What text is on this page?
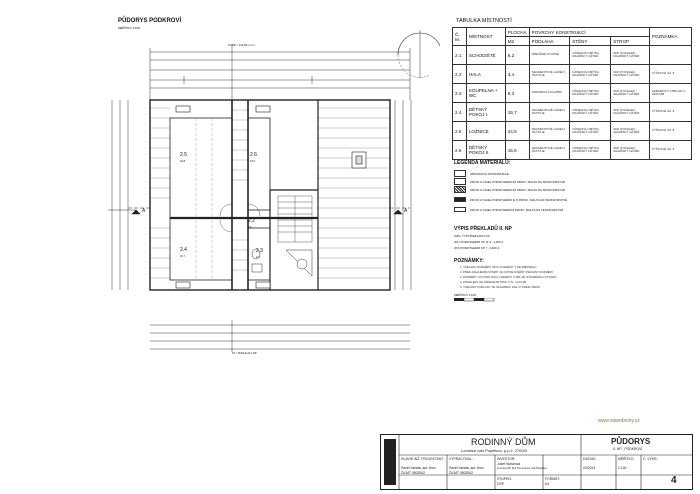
PŮDORYS PODKROVÍ
MĚŘÍTKO 1:100
2.5
24.8
2.6
15.6
2.4
15.7
2.2
3.4
2.3
9.3
A	A
±0.000 = 312,65 m.n.m.
±0 = PODLAHA 2.NP
TABULKA MÍSTNOSTÍ
Č. M.	MÍSTNOST	PLOCHA	POVRCHY KONSTRUKCÍ			POZNÁMKA
		M2	PODLAHA	STĚNY	STROP	
2.1	SCHODIŠTĚ	6,2	DŘEVĚNÉ STUPNĚ	VÁPENNÁ OMÍTKA, MALÍŘSKÝ NÁTĚR	SDK PODHLED, MALÍŘSKÝ NÁTĚR	
2.2	HALA	3,4	SEGMENTOVÉ LAMELY, TEXTILIE	VÁPENNÁ OMÍTKA, MALÍŘSKÝ NÁTĚR	SDK PODHLED, MALÍŘSKÝ NÁTĚR	VÝŠKOVÉ ÚZ. 8
2.3	KOUPELNA + WC	9,3	KERAMICKÁ DLAŽBA	VÁPENNÁ OMÍTKA, MALÍŘSKÝ NÁTĚR	SDK PODHLED, MALÍŘSKÝ NÁTĚR	KERAMICKÝ OBKLAD V. 2000 MM
2.4	DĚTSKÝ POKOJ I.	15,7	SEGMENTOVÉ LAMELY, TEXTILIE	VÁPENNÁ OMÍTKA, MALÍŘSKÝ NÁTĚR	SDK PODHLED, MALÍŘSKÝ NÁTĚR	VÝŠKOVÉ ÚZ. 8
2.5	LOŽNICE	24,8	SEGMENTOVÉ LAMELY, TEXTILIE	VÁPENNÁ OMÍTKA, MALÍŘSKÝ NÁTĚR	SDK PODHLED, MALÍŘSKÝ NÁTĚR	VÝŠKOVÉ ÚZ. 8
2.6	DĚTSKÝ POKOJ II.	15,6	SEGMENTOVÉ LAMELY, TEXTILIE	VÁPENNÁ OMÍTKA, MALÍŘSKÝ NÁTĚR	SDK PODHLED, MALÍŘSKÝ NÁTĚR	VÝŠKOVÉ ÚZ. 8
LEGENDA MATERIÁLŮ:
OBVODOVÁ KONSTRUKCE
ZDIVO Z CIHEL POROTHERM 30 PROFI, MALTA NA TENKOVRSTVÉ
ZDIVO Z CIHEL POROTHERM 30 PROFI, MALTA NA TENKOVRSTVÉ
ZDIVO Z CIHEL POROTHERM 11,5 PROFI, MALTA NA TENKOVRSTVÉ
ZDIVO Z CIHEL POROTHERM 8 PROFI, MALTA NA TENKOVRSTVÉ
VÝPIS PŘEKLADŮ II. NP
OZN. TYP PŘEKLADU KS
(P1) POROTHERM KP 11,5 - 1250 2
(P2) POROTHERM KP 7 - 1000 4
POZNÁMKY:
1. VŠECHNY ROZMĚRY JSOU UVEDENY V MILIMETRECH
2. PŘED ZAHÁJENÍM STAVBY JE NUTNÉ OVĚŘIT VŠECHNY ROZMĚRY
3. ROZMĚRY OTVORŮ JSOU UVEDENY V MM, ZE STAVEBNÍCH OTVORŮ
4. PODHLEDY ZE SÁDROKARTONU V TL. 12,5 MM
5. VŠECHNY PODLAHY SE SKLADBOU DLE VÝKRESU ŘEZŮ
MĚŘÍTKO 1:100
www.stavebniny.cz
RODINNÝ DŮM
Lomnice nad Popelkou, p.p.č. 2763/3
PŮDORYS
II. NP - PODKROVÍ
HLAVNÍ INŽ. PROJEKTANT:
Pavel Janata, aut. tech.
ČKAIT 0502542
VYPRACOVAL:
Pavel Janata, aut. tech.
ČKAIT 0502542
INVESTOR:
Josef Nohavica
Lomnice 88, 512 51 Lomnice nad Popelkou
STUPEŇ:
DSP
FORMÁT:
A4
DATUM:
03/2013
MĚŘÍTKO:
1:100
Č. VÝKR.:
4
